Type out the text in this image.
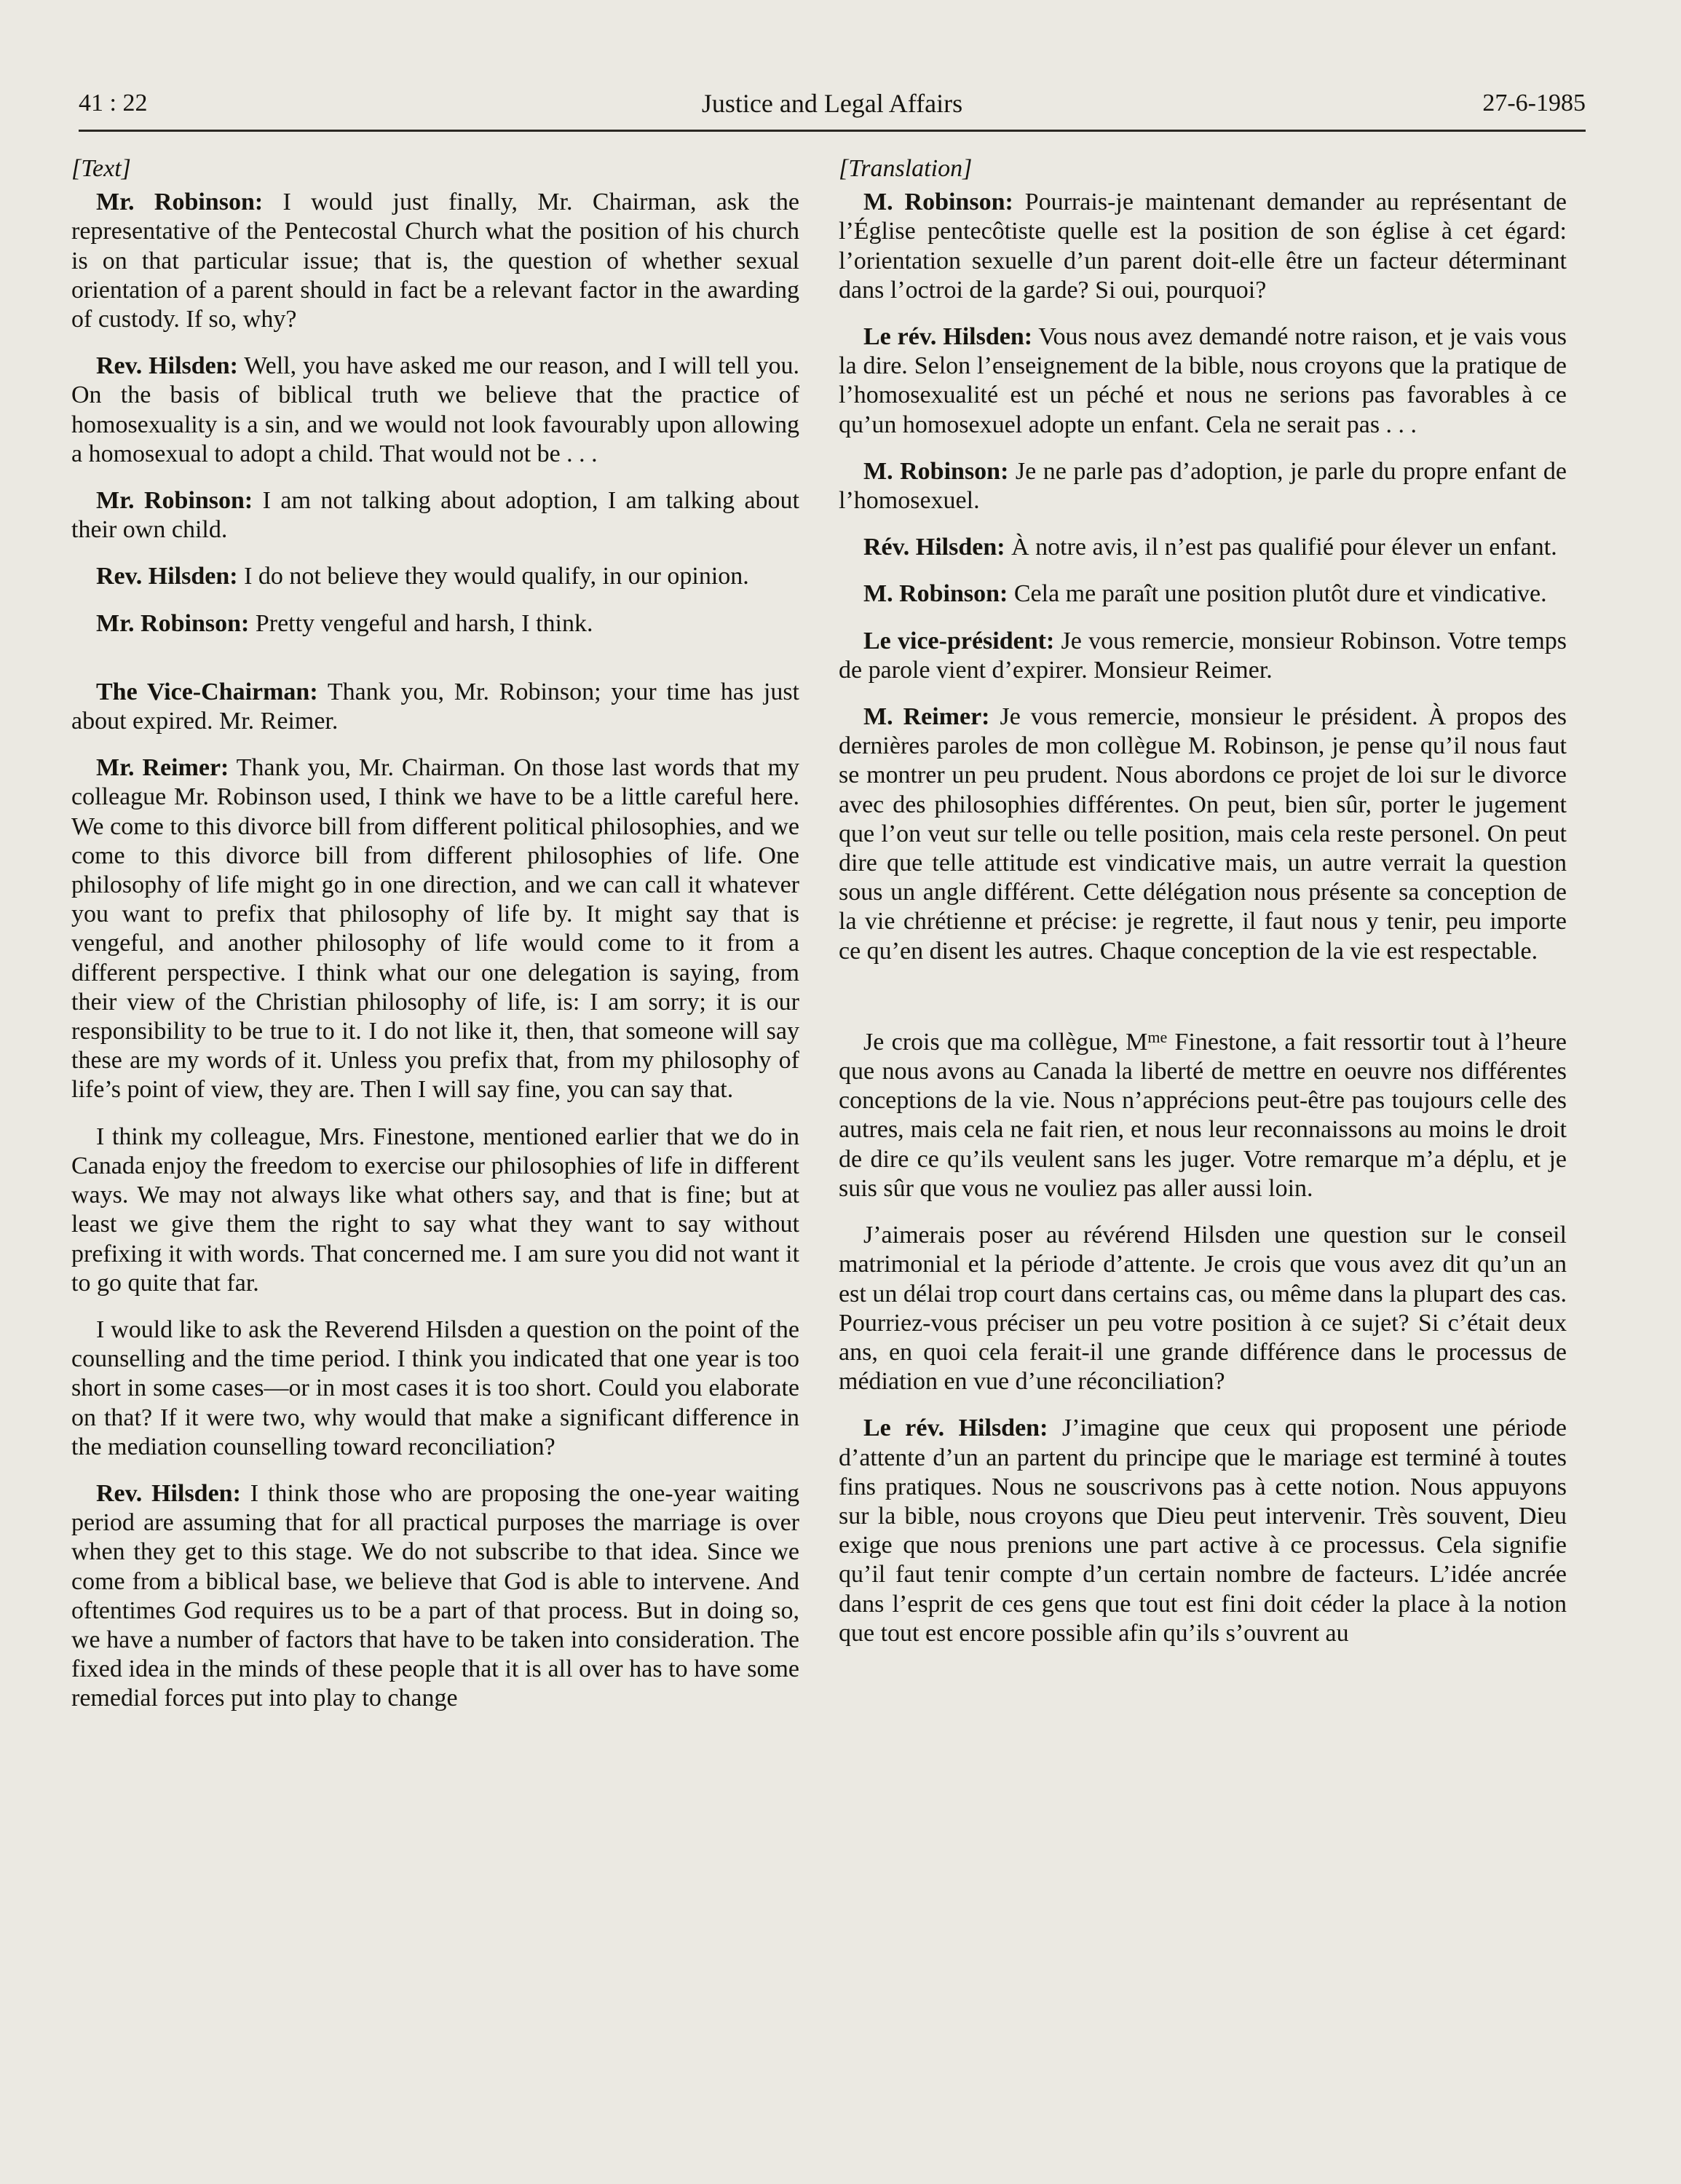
Justice and Legal Affairs
41 : 22	27-6-1985

[Text]

Mr. Robinson: I would just finally, Mr. Chairman, ask the representative of the Pentecostal Church what the position of his church is on that particular issue; that is, the question of whether sexual orientation of a parent should in fact be a relevant factor in the awarding of custody. If so, why?

Rev. Hilsden: Well, you have asked me our reason, and I will tell you. On the basis of biblical truth we believe that the practice of homosexuality is a sin, and we would not look favourably upon allowing a homosexual to adopt a child. That would not be . . .

Mr. Robinson: I am not talking about adoption, I am talking about their own child.

Rev. Hilsden: I do not believe they would qualify, in our opinion.

Mr. Robinson: Pretty vengeful and harsh, I think.

The Vice-Chairman: Thank you, Mr. Robinson; your time has just about expired. Mr. Reimer.

Mr. Reimer: Thank you, Mr. Chairman. On those last words that my colleague Mr. Robinson used, I think we have to be a little careful here. We come to this divorce bill from different political philosophies, and we come to this divorce bill from different philosophies of life. One philosophy of life might go in one direction, and we can call it whatever you want to prefix that philosophy of life by. It might say that is vengeful, and another philosophy of life would come to it from a different perspective. I think what our one delegation is saying, from their view of the Christian philosophy of life, is: I am sorry; it is our responsibility to be true to it. I do not like it, then, that someone will say these are my words of it. Unless you prefix that, from my philosophy of life’s point of view, they are. Then I will say fine, you can say that.

I think my colleague, Mrs. Finestone, mentioned earlier that we do in Canada enjoy the freedom to exercise our philosophies of life in different ways. We may not always like what others say, and that is fine; but at least we give them the right to say what they want to say without prefixing it with words. That concerned me. I am sure you did not want it to go quite that far.

I would like to ask the Reverend Hilsden a question on the point of the counselling and the time period. I think you indicated that one year is too short in some cases—or in most cases it is too short. Could you elaborate on that? If it were two, why would that make a significant difference in the mediation counselling toward reconciliation?

Rev. Hilsden: I think those who are proposing the one-year waiting period are assuming that for all practical purposes the marriage is over when they get to this stage. We do not subscribe to that idea. Since we come from a biblical base, we believe that God is able to intervene. And oftentimes God requires us to be a part of that process. But in doing so, we have a number of factors that have to be taken into consideration. The fixed idea in the minds of these people that it is all over has to have some remedial forces put into play to change

[Translation]

M. Robinson: Pourrais-je maintenant demander au représentant de l’Église pentecôtiste quelle est la position de son église à cet égard: l’orientation sexuelle d’un parent doit-elle être un facteur déterminant dans l’octroi de la garde? Si oui, pourquoi?

Le rév. Hilsden: Vous nous avez demandé notre raison, et je vais vous la dire. Selon l’enseignement de la bible, nous croyons que la pratique de l’homosexualité est un péché et nous ne serions pas favorables à ce qu’un homosexuel adopte un enfant. Cela ne serait pas . . .

M. Robinson: Je ne parle pas d’adoption, je parle du propre enfant de l’homosexuel.

Rév. Hilsden: À notre avis, il n’est pas qualifié pour élever un enfant.

M. Robinson: Cela me paraît une position plutôt dure et vindicative.

Le vice-président: Je vous remercie, monsieur Robinson. Votre temps de parole vient d’expirer. Monsieur Reimer.

M. Reimer: Je vous remercie, monsieur le président. À propos des dernières paroles de mon collègue M. Robinson, je pense qu’il nous faut se montrer un peu prudent. Nous abordons ce projet de loi sur le divorce avec des philosophies différentes. On peut, bien sûr, porter le jugement que l’on veut sur telle ou telle position, mais cela reste personel. On peut dire que telle attitude est vindicative mais, un autre verrait la question sous un angle différent. Cette délégation nous présente sa conception de la vie chrétienne et précise: je regrette, il faut nous y tenir, peu importe ce qu’en disent les autres. Chaque conception de la vie est respectable.

Je crois que ma collègue, $M^{me}$ Finestone, a fait ressortir tout à l’heure que nous avons au Canada la liberté de mettre en oeuvre nos différentes conceptions de la vie. Nous n’apprécions peut-être pas toujours celle des autres, mais cela ne fait rien, et nous leur reconnaissons au moins le droit de dire ce qu’ils veulent sans les juger. Votre remarque m’a déplu, et je suis sûr que vous ne vouliez pas aller aussi loin.

J’aimerais poser au révérend Hilsden une question sur le conseil matrimonial et la période d’attente. Je crois que vous avez dit qu’un an est un délai trop court dans certains cas, ou même dans la plupart des cas. Pourriez-vous préciser un peu votre position à ce sujet? Si c’était deux ans, en quoi cela ferait-il une grande différence dans le processus de médiation en vue d’une réconciliation?

Le rév. Hilsden: J’imagine que ceux qui proposent une période d’attente d’un an partent du principe que le mariage est terminé à toutes fins pratiques. Nous ne souscrivons pas à cette notion. Nous appuyons sur la bible, nous croyons que Dieu peut intervenir. Très souvent, Dieu exige que nous prenions une part active à ce processus. Cela signifie qu’il faut tenir compte d’un certain nombre de facteurs. L’idée ancrée dans l’esprit de ces gens que tout est fini doit céder la place à la notion que tout est encore possible afin qu’ils s’ouvrent au
